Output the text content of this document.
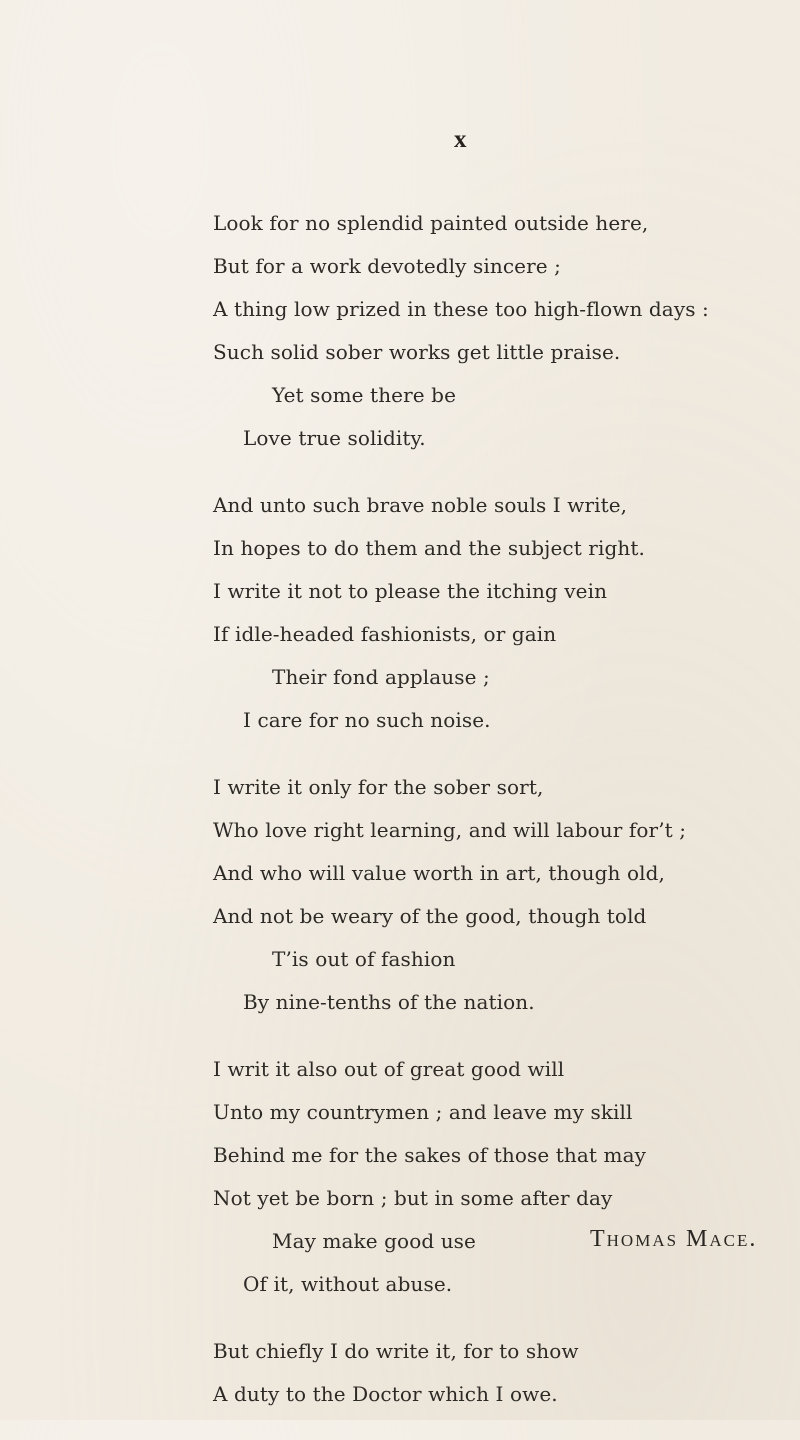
x
Look for no splendid painted outside here,
But for a work devotedly sincere ;
A thing low prized in these too high-flown days :
Such solid sober works get little praise.
Yet some there be
Love true solidity.
And unto such brave noble souls I write,
In hopes to do them and the subject right.
I write it not to please the itching vein
If idle-headed fashionists, or gain
Their fond applause ;
I care for no such noise.
I write it only for the sober sort,
Who love right learning, and will labour for’t ;
And who will value worth in art, though old,
And not be weary of the good, though told
T’is out of fashion
By nine-tenths of the nation.
I writ it also out of great good will
Unto my countrymen ; and leave my skill
Behind me for the sakes of those that may
Not yet be born ; but in some after day
May make good use
Of it, without abuse.
But chiefly I do write it, for to show
A duty to the Doctor which I owe.
Thomas Mace.
